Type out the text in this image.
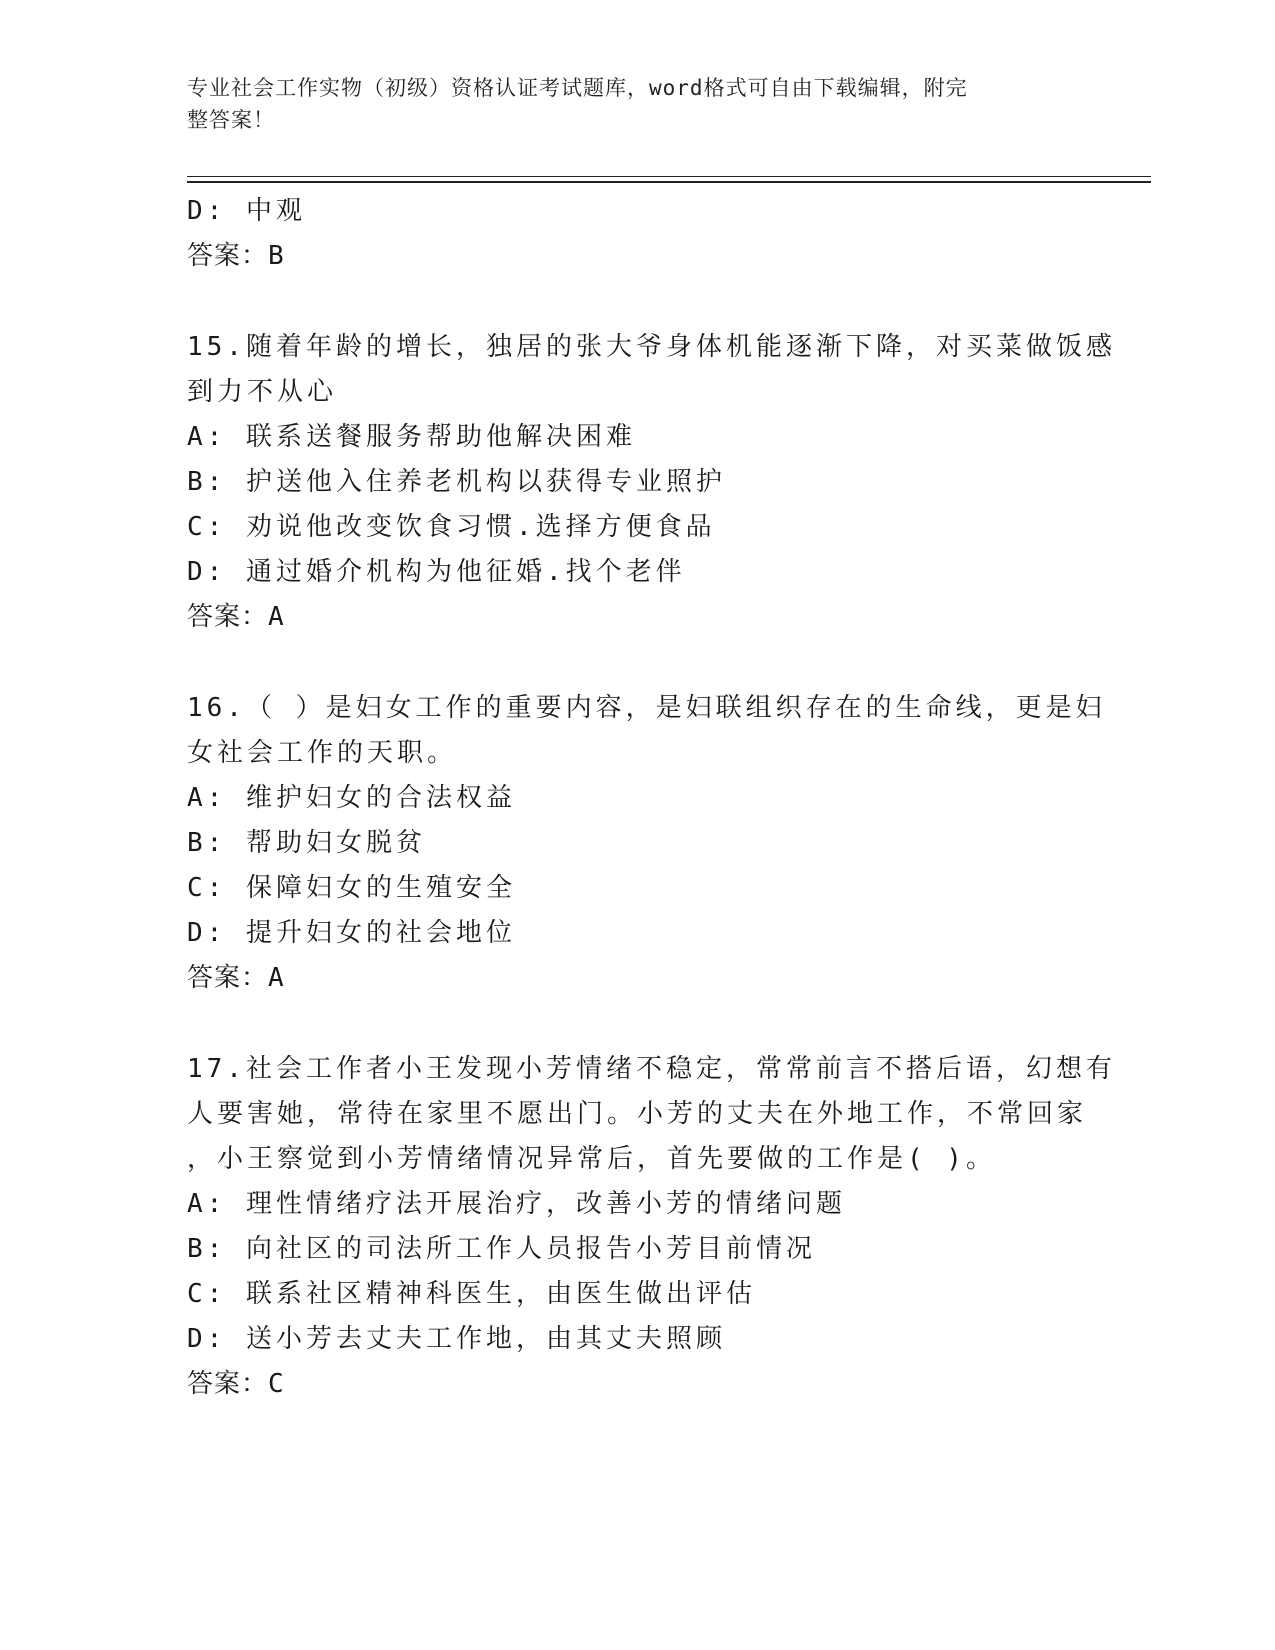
专业社会工作实物（初级）资格认证考试题库，word格式可自由下载编辑，附完
整答案！
D: 中观
答案：B
15.随着年龄的增长，独居的张大爷身体机能逐渐下降，对买菜做饭感
到力不从心
A: 联系送餐服务帮助他解决困难
B: 护送他入住养老机构以获得专业照护
C: 劝说他改变饮食习惯.选择方便食品
D: 通过婚介机构为他征婚.找个老伴
答案：A
16.（ ）是妇女工作的重要内容，是妇联组织存在的生命线，更是妇
女社会工作的天职。
A: 维护妇女的合法权益
B: 帮助妇女脱贫
C: 保障妇女的生殖安全
D: 提升妇女的社会地位
答案：A
17.社会工作者小王发现小芳情绪不稳定，常常前言不搭后语，幻想有
人要害她，常待在家里不愿出门。小芳的丈夫在外地工作，不常回家
，小王察觉到小芳情绪情况异常后，首先要做的工作是( )。
A: 理性情绪疗法开展治疗，改善小芳的情绪问题
B: 向社区的司法所工作人员报告小芳目前情况
C: 联系社区精神科医生，由医生做出评估
D: 送小芳去丈夫工作地，由其丈夫照顾
答案：C
